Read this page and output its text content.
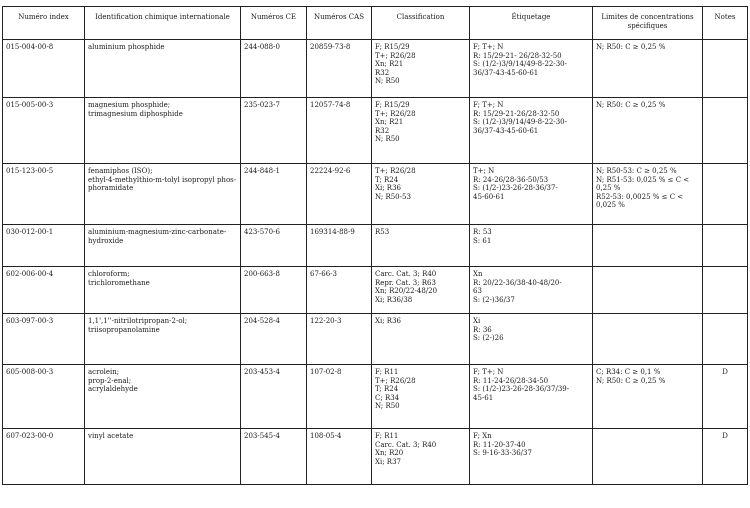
Numéro index	Identification chimique internationale	Numéros CE	Numéros CAS	Classification	Étiquetage	Limites de concentrations spécifiques	Notes
015-004-00-8	aluminium phosphide	244-088-0	20859-73-8	F; R15/29
T+; R26/28
Xn; R21
R32
N; R50	F; T+; N
R: 15/29-21- 26/28-32-50
S: (1/2-)3/9/14/49-8-22-30-
36/37-43-45-60-61	N; R50: C ≥ 0,25 %	

015-005-00-3	magnesium phosphide;
trimagnesium diphosphide	235-023-7	12057-74-8	F; R15/29
T+; R26/28
Xn; R21
R32
N; R50	F; T+; N
R: 15/29-21-26/28-32-50
S: (1/2-)3/9/14/49-8-22-30-
36/37-43-45-60-61	N; R50: C ≥ 0,25 %	

015-123-00-5	fenamiphos (ISO);
ethyl-4-methylthio-m-tolyl isopropyl phos-
phoramidate	244-848-1	22224-92-6	T+; R26/28
T; R24
Xi; R36
N; R50-53	T+; N
R: 24-26/28-36-50/53
S: (1/2-)23-26-28-36/37-
45-60-61	N; R50-53: C ≥ 0,25 %
N; R51-53: 0,025 % ≤ C <
0,25 %
R52-53: 0,0025 % ≤ C <
0,025 %	

030-012-00-1	aluminium-magnesium-zinc-carbonate-
hydroxide	423-570-6	169314-88-9	R53	R: 53
S: 61		

602-006-00-4	chloroform;
trichloromethane	200-663-8	67-66-3	Carc. Cat. 3; R40
Repr. Cat. 3; R63
Xn; R20/22-48/20
Xi; R36/38	Xn
R: 20/22-36/38-40-48/20-
63
S: (2-)36/37		

603-097-00-3	1,1',1''-nitrilotripropan-2-ol;
triisopropanolamine	204-528-4	122-20-3	Xi; R36	Xi
R: 36
S: (2-)26		

605-008-00-3	acrolein;
prop-2-enal;
acrylaldehyde	203-453-4	107-02-8	F; R11
T+; R26/28
T; R24
C; R34
N; R50	F; T+; N
R: 11-24-26/28-34-50
S: (1/2-)23-26-28-36/37/39-
45-61	C; R34: C ≥ 0,1 %
N; R50: C ≥ 0,25 %	D
607-023-00-0	vinyl acetate	203-545-4	108-05-4	F; R11
Carc. Cat. 3; R40
Xn; R20
Xi; R37	F; Xn
R: 11-20-37-40
S: 9-16-33-36/37		D
